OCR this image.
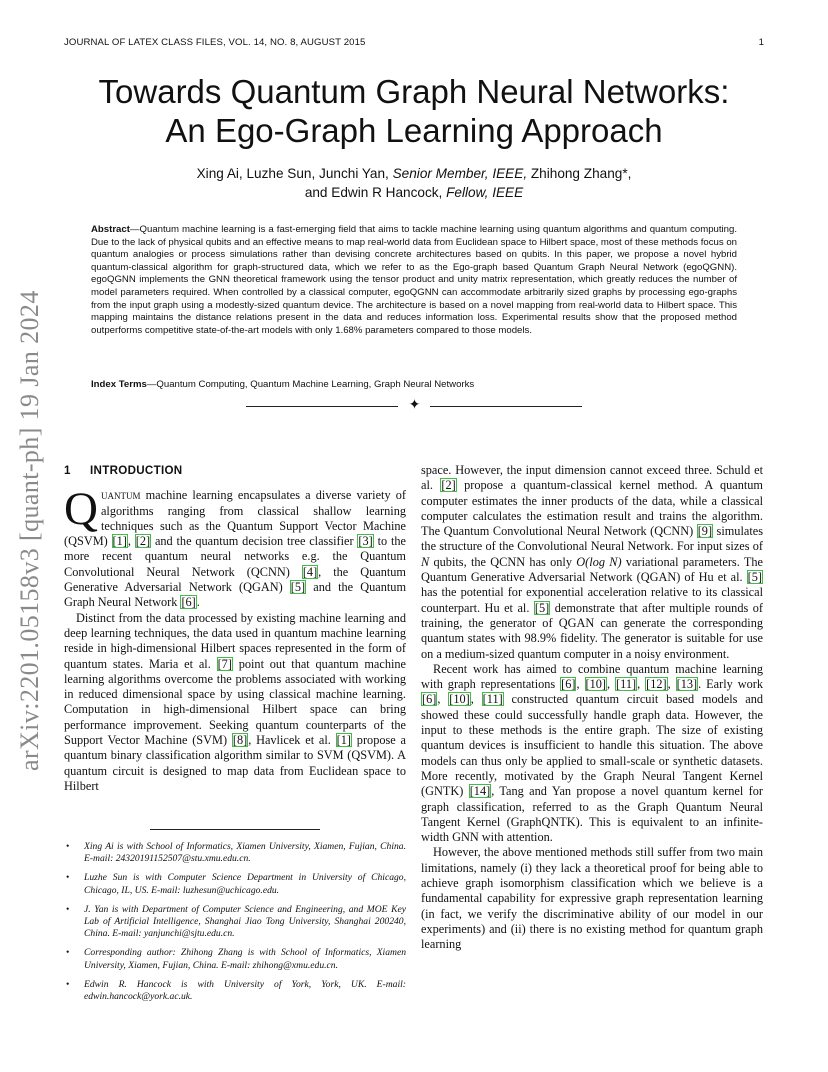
JOURNAL OF LATEX CLASS FILES, VOL. 14, NO. 8, AUGUST 2015	1
arXiv:2201.05158v3 [quant-ph] 19 Jan 2024
Towards Quantum Graph Neural Networks:
An Ego-Graph Learning Approach
Xing Ai, Luzhe Sun, Junchi Yan, Senior Member, IEEE, Zhihong Zhang*,
and Edwin R Hancock, Fellow, IEEE
Abstract—Quantum machine learning is a fast-emerging field that aims to tackle machine learning using quantum algorithms and quantum computing. Due to the lack of physical qubits and an effective means to map real-world data from Euclidean space to Hilbert space, most of these methods focus on quantum analogies or process simulations rather than devising concrete architectures based on qubits. In this paper, we propose a novel hybrid quantum-classical algorithm for graph-structured data, which we refer to as the Ego-graph based Quantum Graph Neural Network (egoQGNN). egoQGNN implements the GNN theoretical framework using the tensor product and unity matrix representation, which greatly reduces the number of model parameters required. When controlled by a classical computer, egoQGNN can accommodate arbitrarily sized graphs by processing ego-graphs from the input graph using a modestly-sized quantum device. The architecture is based on a novel mapping from real-world data to Hilbert space. This mapping maintains the distance relations present in the data and reduces information loss. Experimental results show that the proposed method outperforms competitive state-of-the-art models with only 1.68% parameters compared to those models.
Index Terms—Quantum Computing, Quantum Machine Learning, Graph Neural Networks
✦
1 INTRODUCTION

Quantum machine learning encapsulates a diverse variety of algorithms ranging from classical shallow learning techniques such as the Quantum Support Vector Machine (QSVM) [1], [2] and the quantum decision tree classifier [3] to the more recent quantum neural networks e.g. the Quantum Convolutional Neural Network (QCNN) [4], the Quantum Generative Adversarial Network (QGAN) [5] and the Quantum Graph Neural Network [6].

Distinct from the data processed by existing machine learning and deep learning techniques, the data used in quantum machine learning reside in high-dimensional Hilbert spaces represented in the form of quantum states. Maria et al. [7] point out that quantum machine learning algorithms overcome the problems associated with working in reduced dimensional space by using classical machine learning. Computation in high-dimensional Hilbert space can bring performance improvement. Seeking quantum counterparts of the Support Vector Machine (SVM) [8], Havlicek et al. [1] propose a quantum binary classification algorithm similar to SVM (QSVM). A quantum circuit is designed to map data from Euclidean space to Hilbert

• Xing Ai is with School of Informatics, Xiamen University, Xiamen, Fujian, China. E-mail: 24320191152507@stu.xmu.edu.cn.
• Luzhe Sun is with Computer Science Department in University of Chicago, Chicago, IL, US. E-mail: luzhesun@uchicago.edu.
• J. Yan is with Department of Computer Science and Engineering, and MOE Key Lab of Artificial Intelligence, Shanghai Jiao Tong University, Shanghai 200240, China. E-mail: yanjunchi@sjtu.edu.cn.
• Corresponding author: Zhihong Zhang is with School of Informatics, Xiamen University, Xiamen, Fujian, China. E-mail: zhihong@xmu.edu.cn.
• Edwin R. Hancock is with University of York, York, UK. E-mail: edwin.hancock@york.ac.uk.

space. However, the input dimension cannot exceed three. Schuld et al. [2] propose a quantum-classical kernel method. A quantum computer estimates the inner products of the data, while a classical computer calculates the estimation result and trains the algorithm. The Quantum Convolutional Neural Network (QCNN) [9] simulates the structure of the Convolutional Neural Network. For input sizes of N qubits, the QCNN has only O(log N) variational parameters. The Quantum Generative Adversarial Network (QGAN) of Hu et al. [5] has the potential for exponential acceleration relative to its classical counterpart. Hu et al. [5] demonstrate that after multiple rounds of training, the generator of QGAN can generate the corresponding quantum states with 98.9% fidelity. The generator is suitable for use on a medium-sized quantum computer in a noisy environment.

Recent work has aimed to combine quantum machine learning with graph representations [6], [10], [11], [12], [13]. Early work [6], [10], [11] constructed quantum circuit based models and showed these could successfully handle graph data. However, the input to these methods is the entire graph. The size of existing quantum devices is insufficient to handle this situation. The above models can thus only be applied to small-scale or synthetic datasets. More recently, motivated by the Graph Neural Tangent Kernel (GNTK) [14], Tang and Yan propose a novel quantum kernel for graph classification, referred to as the Graph Quantum Neural Tangent Kernel (GraphQNTK). This is equivalent to an infinite-width GNN with attention.

However, the above mentioned methods still suffer from two main limitations, namely (i) they lack a theoretical proof for being able to achieve graph isomorphism classification which we believe is a fundamental capability for expressive graph representation learning (in fact, we verify the discriminative ability of our model in our experiments) and (ii) there is no existing method for quantum graph learning
